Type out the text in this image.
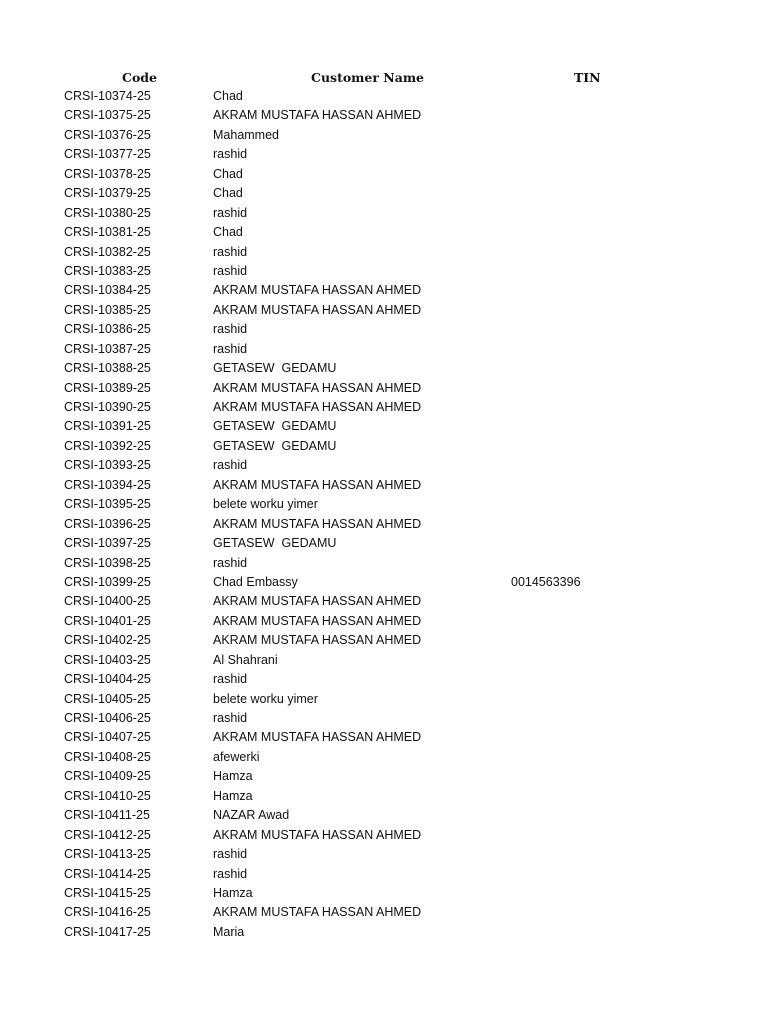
Code	Customer Name	TIN
CRSI-10374-25	Chad
CRSI-10375-25	AKRAM MUSTAFA HASSAN AHMED
CRSI-10376-25	Mahammed
CRSI-10377-25	rashid
CRSI-10378-25	Chad
CRSI-10379-25	Chad
CRSI-10380-25	rashid
CRSI-10381-25	Chad
CRSI-10382-25	rashid
CRSI-10383-25	rashid
CRSI-10384-25	AKRAM MUSTAFA HASSAN AHMED
CRSI-10385-25	AKRAM MUSTAFA HASSAN AHMED
CRSI-10386-25	rashid
CRSI-10387-25	rashid
CRSI-10388-25	GETASEW  GEDAMU
CRSI-10389-25	AKRAM MUSTAFA HASSAN AHMED
CRSI-10390-25	AKRAM MUSTAFA HASSAN AHMED
CRSI-10391-25	GETASEW  GEDAMU
CRSI-10392-25	GETASEW  GEDAMU
CRSI-10393-25	rashid
CRSI-10394-25	AKRAM MUSTAFA HASSAN AHMED
CRSI-10395-25	belete worku yimer
CRSI-10396-25	AKRAM MUSTAFA HASSAN AHMED
CRSI-10397-25	GETASEW  GEDAMU
CRSI-10398-25	rashid
CRSI-10399-25	Chad Embassy	0014563396
CRSI-10400-25	AKRAM MUSTAFA HASSAN AHMED
CRSI-10401-25	AKRAM MUSTAFA HASSAN AHMED
CRSI-10402-25	AKRAM MUSTAFA HASSAN AHMED
CRSI-10403-25	Al Shahrani
CRSI-10404-25	rashid
CRSI-10405-25	belete worku yimer
CRSI-10406-25	rashid
CRSI-10407-25	AKRAM MUSTAFA HASSAN AHMED
CRSI-10408-25	afewerki
CRSI-10409-25	Hamza
CRSI-10410-25	Hamza
CRSI-10411-25	NAZAR Awad
CRSI-10412-25	AKRAM MUSTAFA HASSAN AHMED
CRSI-10413-25	rashid
CRSI-10414-25	rashid
CRSI-10415-25	Hamza
CRSI-10416-25	AKRAM MUSTAFA HASSAN AHMED
CRSI-10417-25	Maria
